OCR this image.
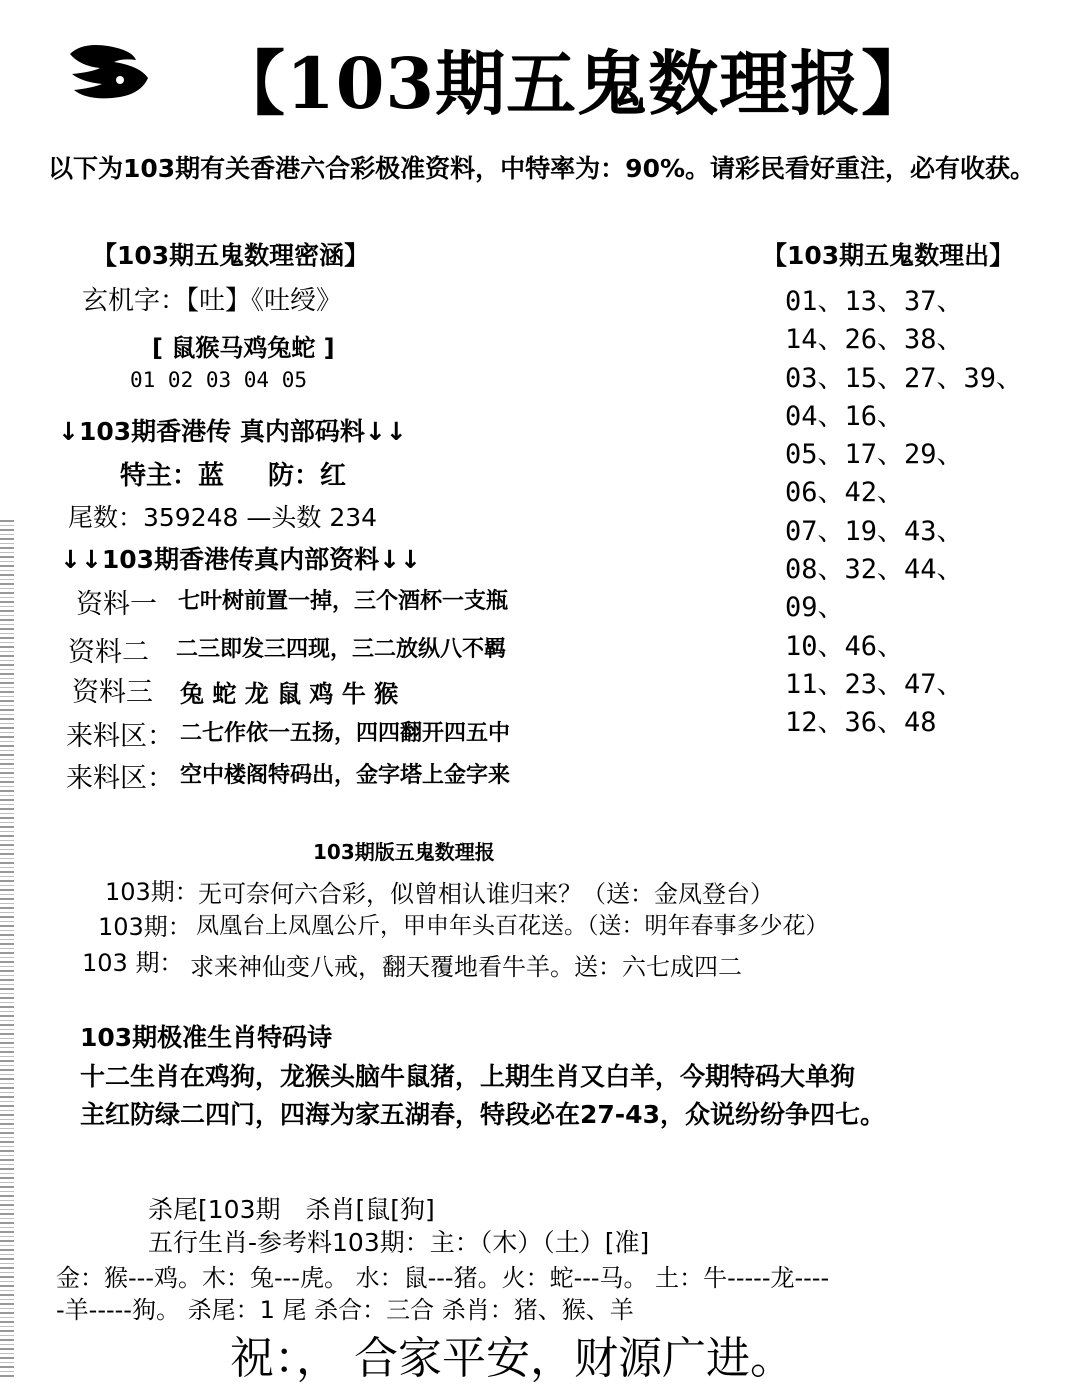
【103期五鬼数理报】
以下为103期有关香港六合彩极准资料，中特率为：90%。请彩民看好重注，必有收获。
【103期五鬼数理密涵】
玄机字：【吐】《吐绶》
[ 鼠猴马鸡兔蛇 ]
01 02 03 04 05
↓103期香港传 真内部码料↓↓
特主：蓝 防：红
尾数：359248 —头数 234
↓↓103期香港传真内部资料↓↓
资料一 七叶树前置一掉，三个酒杯一支瓶
资料二 二三即发三四现，三二放纵八不羁
资料三 兔 蛇 龙 鼠 鸡 牛 猴
来料区： 二七作依一五扬，四四翻开四五中
来料区： 空中楼阁特码出，金字塔上金字来
【103期五鬼数理出】
01、13、37、
14、26、38、
03、15、27、39、
04、16、
05、17、29、
06、42、
07、19、43、
08、32、44、
09、
10、46、
11、23、47、
12、36、48
103期版五鬼数理报
103期： 无可奈何六合彩，似曾相认谁归来？（送：金凤登台）
103期： 凤凰台上凤凰公斤，甲申年头百花送。（送：明年春事多少花）
103 期： 求来神仙变八戒，翻天覆地看牛羊。送：六七成四二
103期极准生肖特码诗
十二生肖在鸡狗，龙猴头脑牛鼠猪，上期生肖又白羊，今期特码大单狗
主红防绿二四门，四海为家五湖春，特段必在27-43，众说纷纷争四七。
杀尾[103期　杀肖[鼠[狗]
五行生肖-参考料103期：主：（木）（土）[准]
金：猴---鸡。木：兔---虎。 水：鼠---猪。火：蛇---马。 土：牛-----龙----
-羊-----狗。 杀尾：1 尾 杀合：三合 杀肖：猪、猴、羊
祝：， 合家平安，财源广进。
